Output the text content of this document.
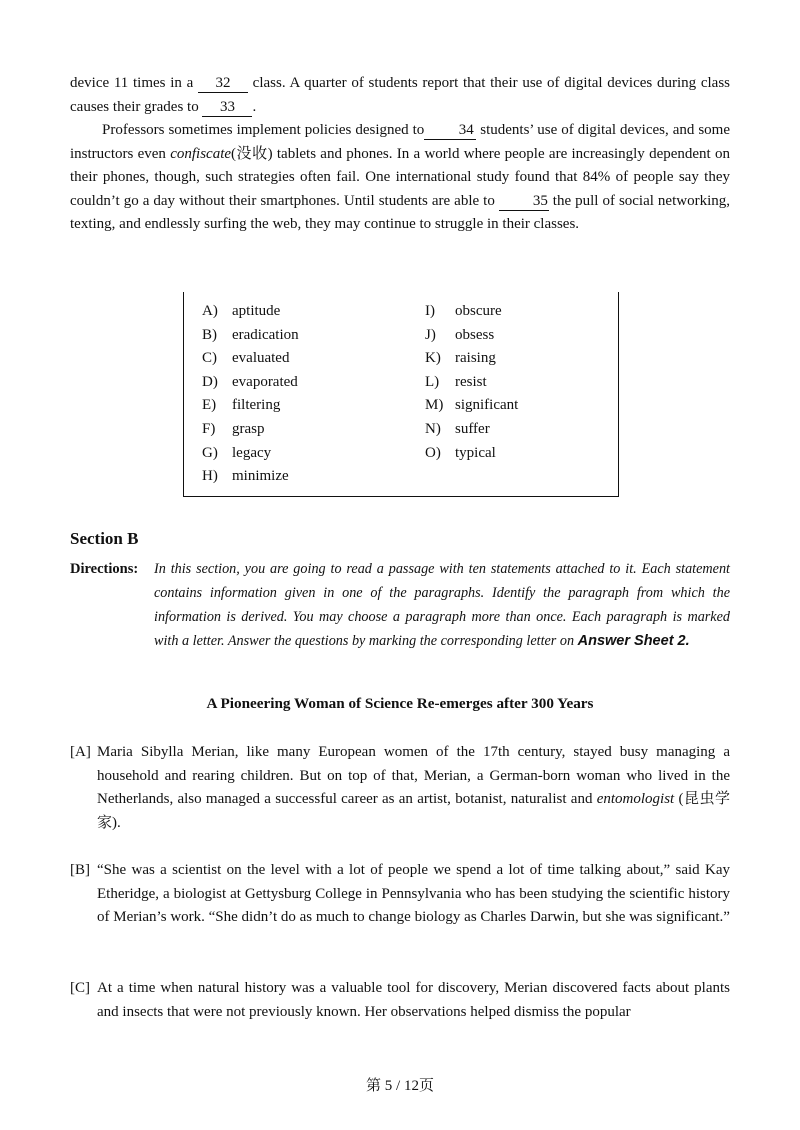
device 11 times in a 32 class. A quarter of students report that their use of digital devices during class causes their grades to 33 .

Professors sometimes implement policies designed to 34 students’ use of digital devices, and some instructors even confiscate(没收) tablets and phones. In a world where people are increasingly dependent on their phones, though, such strategies often fail. One international study found that 84% of people say they couldn’t go a day without their smartphones. Until students are able to 35 the pull of social networking, texting, and endlessly surfing the web, they may continue to struggle in their classes.

A) aptitude
B) eradication
C) evaluated
D) evaporated
E) filtering
F) grasp
G) legacy
H) minimize
I) obscure
J) obsess
K) raising
L) resist
M) significant
N) suffer
O) typical
Section B
Directions: In this section, you are going to read a passage with ten statements attached to it. Each statement contains information given in one of the paragraphs. Identify the paragraph from which the information is derived. You may choose a paragraph more than once. Each paragraph is marked with a letter. Answer the questions by marking the corresponding letter on Answer Sheet 2.
A Pioneering Woman of Science Re-emerges after 300 Years
[A] Maria Sibylla Merian, like many European women of the 17th century, stayed busy managing a household and rearing children. But on top of that, Merian, a German-born woman who lived in the Netherlands, also managed a successful career as an artist, botanist, naturalist and entomologist (昆虫学家).
[B] “She was a scientist on the level with a lot of people we spend a lot of time talking about,” said Kay Etheridge, a biologist at Gettysburg College in Pennsylvania who has been studying the scientific history of Merian’s work. “She didn’t do as much to change biology as Charles Darwin, but she was significant.”
[C] At a time when natural history was a valuable tool for discovery, Merian discovered facts about plants and insects that were not previously known. Her observations helped dismiss the popular
第 5 / 12页
